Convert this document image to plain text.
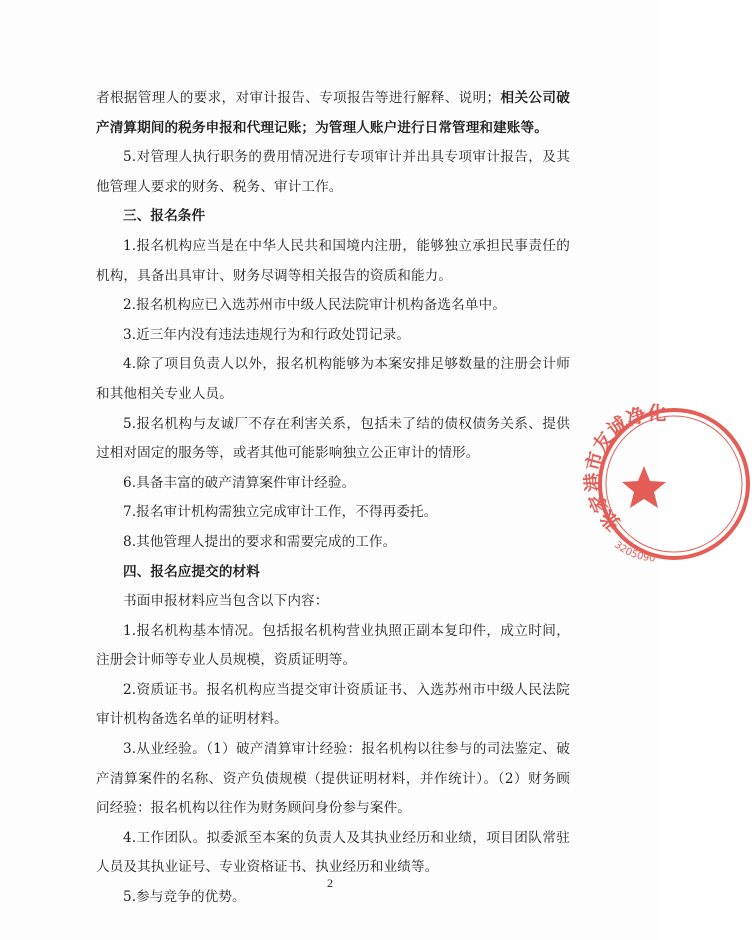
者根据管理人的要求，对审计报告、专项报告等进行解释、说明；相关公司破产清算期间的税务申报和代理记账；为管理人账户进行日常管理和建账等。

5.对管理人执行职务的费用情况进行专项审计并出具专项审计报告，及其他管理人要求的财务、税务、审计工作。

三、报名条件

1.报名机构应当是在中华人民共和国境内注册，能够独立承担民事责任的机构，具备出具审计、财务尽调等相关报告的资质和能力。

2.报名机构应已入选苏州市中级人民法院审计机构备选名单中。

3.近三年内没有违法违规行为和行政处罚记录。

4.除了项目负责人以外，报名机构能够为本案安排足够数量的注册会计师和其他相关专业人员。

5.报名机构与友诚厂不存在利害关系，包括未了结的债权债务关系、提供过相对固定的服务等，或者其他可能影响独立公正审计的情形。

6.具备丰富的破产清算案件审计经验。

7.报名审计机构需独立完成审计工作，不得再委托。

8.其他管理人提出的要求和需要完成的工作。

四、报名应提交的材料

书面申报材料应当包含以下内容：

1.报名机构基本情况。包括报名机构营业执照正副本复印件，成立时间，注册会计师等专业人员规模，资质证明等。

2.资质证书。报名机构应当提交审计资质证书、入选苏州市中级人民法院审计机构备选名单的证明材料。

3.从业经验。（1）破产清算审计经验：报名机构以往参与的司法鉴定、破产清算案件的名称、资产负债规模（提供证明材料，并作统计）。（2）财务顾问经验：报名机构以往作为财务顾问身份参与案件。

4.工作团队。拟委派至本案的负责人及其执业经历和业绩，项目团队常驻人员及其执业证号、专业资格证书、执业经历和业绩等。

5.参与竞争的优势。

2
张家港市友诚净化
3205090
